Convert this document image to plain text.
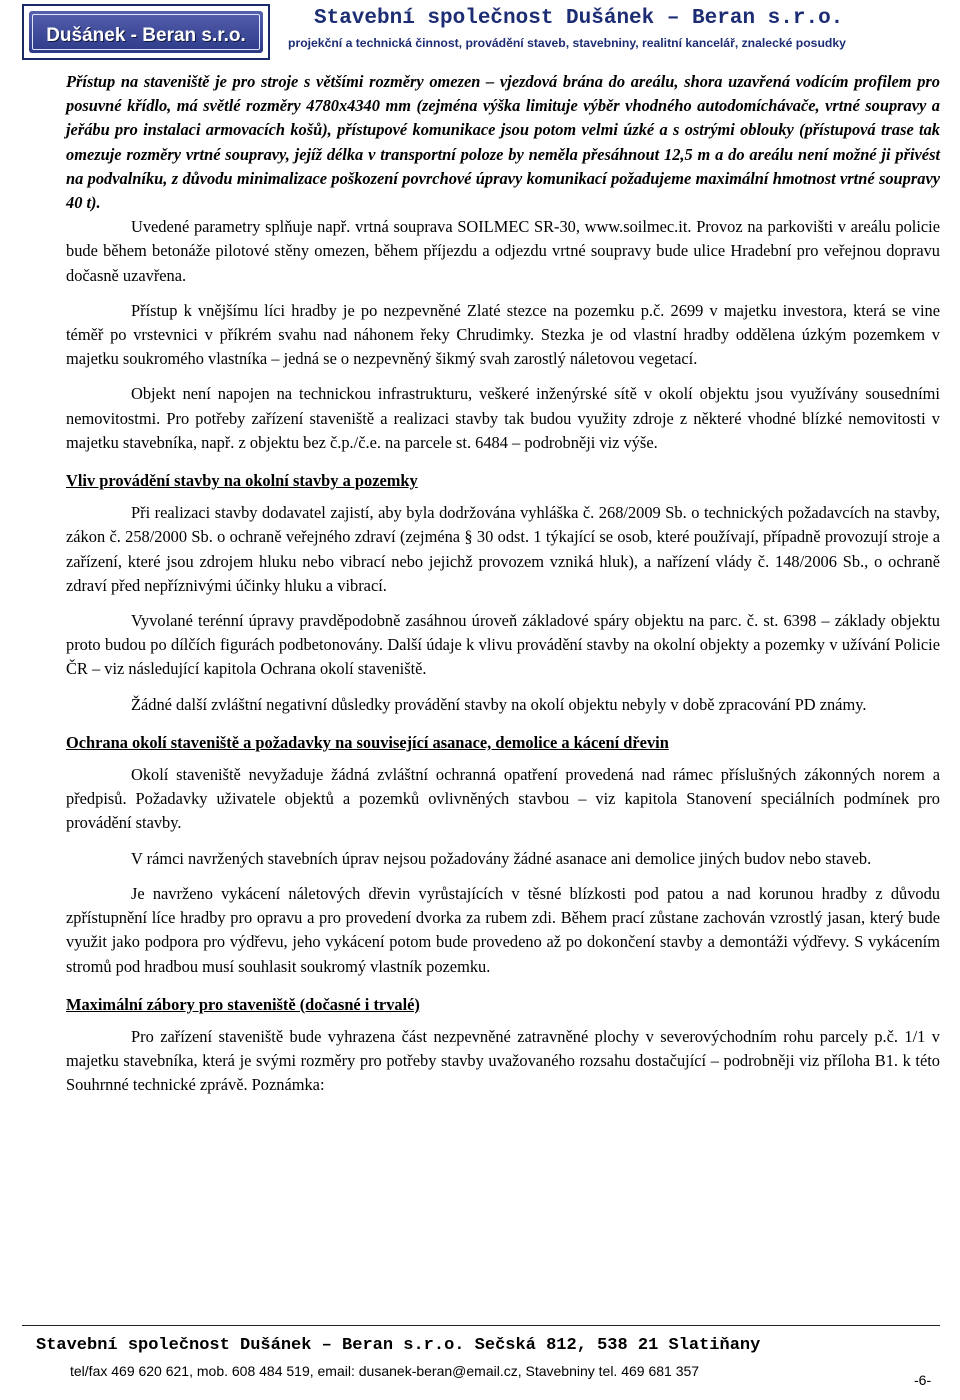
Dušánek - Beran s.r.o.
Stavební společnost Dušánek – Beran s.r.o.
projekční a technická činnost, provádění staveb, stavebniny, realitní kancelář, znalecké posudky

Přístup na staveniště je pro stroje s většími rozměry omezen – vjezdová brána do areálu, shora uzavřená vodícím profilem pro posuvné křídlo, má světlé rozměry 4780x4340 mm (zejména výška limituje výběr vhodného autodomíchávače, vrtné soupravy a jeřábu pro instalaci armovacích košů), přístupové komunikace jsou potom velmi úzké a s ostrými oblouky (přístupová trase tak omezuje rozměry vrtné soupravy, jejíž délka v transportní poloze by neměla přesáhnout 12,5 m a do areálu není možné ji přivést na podvalníku, z důvodu minimalizace poškození povrchové úpravy komunikací požadujeme maximální hmotnost vrtné soupravy 40 t).

Uvedené parametry splňuje např. vrtná souprava SOILMEC SR-30, www.soilmec.it. Provoz na parkovišti v areálu policie bude během betonáže pilotové stěny omezen, během příjezdu a odjezdu vrtné soupravy bude ulice Hradební pro veřejnou dopravu dočasně uzavřena.

Přístup k vnějšímu líci hradby je po nezpevněné Zlaté stezce na pozemku p.č. 2699 v majetku investora, která se vine téměř po vrstevnici v příkrém svahu nad náhonem řeky Chrudimky. Stezka je od vlastní hradby oddělena úzkým pozemkem v majetku soukromého vlastníka – jedná se o nezpevněný šikmý svah zarostlý náletovou vegetací.

Objekt není napojen na technickou infrastrukturu, veškeré inženýrské sítě v okolí objektu jsou využívány sousedními nemovitostmi. Pro potřeby zařízení staveniště a realizaci stavby tak budou využity zdroje z některé vhodné blízké nemovitosti v majetku stavebníka, např. z objektu bez č.p./č.e. na parcele st. 6484 – podrobněji viz výše.

Vliv provádění stavby na okolní stavby a pozemky

Při realizaci stavby dodavatel zajistí, aby byla dodržována vyhláška č. 268/2009 Sb. o technických požadavcích na stavby, zákon č. 258/2000 Sb. o ochraně veřejného zdraví (zejména § 30 odst. 1 týkající se osob, které používají, případně provozují stroje a zařízení, které jsou zdrojem hluku nebo vibrací nebo jejichž provozem vzniká hluk), a nařízení vlády č. 148/2006 Sb., o ochraně zdraví před nepříznivými účinky hluku a vibrací.

Vyvolané terénní úpravy pravděpodobně zasáhnou úroveň základové spáry objektu na parc. č. st. 6398 – základy objektu proto budou po dílčích figurách podbetonovány. Další údaje k vlivu provádění stavby na okolní objekty a pozemky v užívání Policie ČR – viz následující kapitola Ochrana okolí staveniště.

Žádné další zvláštní negativní důsledky provádění stavby na okolí objektu nebyly v době zpracování PD známy.

Ochrana okolí staveniště a požadavky na související asanace, demolice a kácení dřevin

Okolí staveniště nevyžaduje žádná zvláštní ochranná opatření provedená nad rámec příslušných zákonných norem a předpisů. Požadavky uživatele objektů a pozemků ovlivněných stavbou – viz kapitola Stanovení speciálních podmínek pro provádění stavby.

V rámci navržených stavebních úprav nejsou požadovány žádné asanace ani demolice jiných budov nebo staveb.

Je navrženo vykácení náletových dřevin vyrůstajících v těsné blízkosti pod patou a nad korunou hradby z důvodu zpřístupnění líce hradby pro opravu a pro provedení dvorka za rubem zdi. Během prací zůstane zachován vzrostlý jasan, který bude využit jako podpora pro výdřevu, jeho vykácení potom bude provedeno až po dokončení stavby a demontáži výdřevy. S vykácením stromů pod hradbou musí souhlasit soukromý vlastník pozemku.

Maximální zábory pro staveniště (dočasné i trvalé)

Pro zařízení staveniště bude vyhrazena část nezpevněné zatravněné plochy v severovýchodním rohu parcely p.č. 1/1 v majetku stavebníka, která je svými rozměry pro potřeby stavby uvažovaného rozsahu dostačující – podrobněji viz příloha B1. k této Souhrnné technické zprávě. Poznámka:

Stavební společnost Dušánek – Beran s.r.o. Sečská 812, 538 21 Slatiňany
tel/fax 469 620 621, mob. 608 484 519, email: dusanek-beran@email.cz, Stavebniny tel. 469 681 357
-6-
